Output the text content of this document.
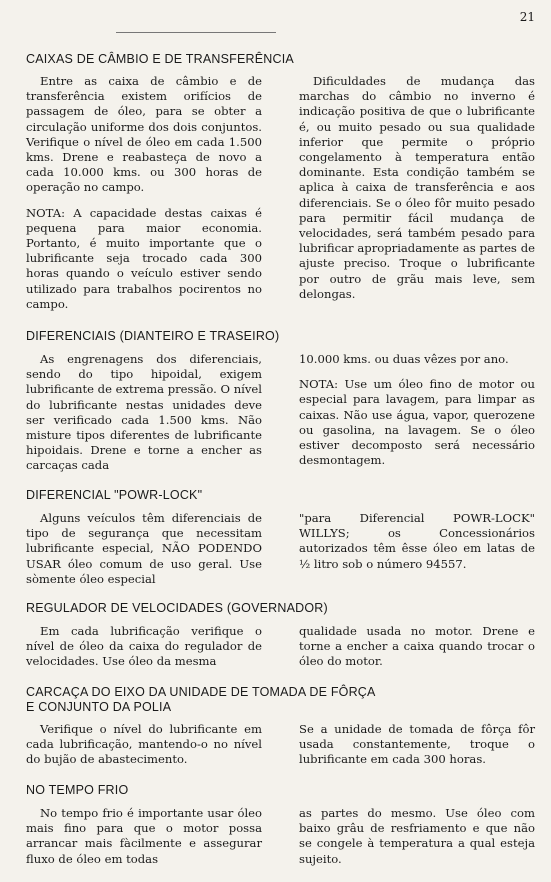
21
CAIXAS DE CÂMBIO E DE TRANSFERÊNCIA

Entre as caixa de câmbio e de transferência existem orifícios de passagem de óleo, para se obter a circulação uniforme dos dois conjuntos. Verifique o nível de óleo em cada 1.500 kms. Drene e reabasteça de novo a cada 10.000 kms. ou 300 horas de operação no campo.

NOTA: A capacidade destas caixas é pequena para maior economia. Portanto, é muito importante que o lubrificante seja trocado cada 300 horas quando o veículo estiver sendo utilizado para trabalhos pocirentos no campo.

Dificuldades de mudança das marchas do câmbio no inverno é indicação positiva de que o lubrificante é, ou muito pesado ou sua qualidade inferior que permite o próprio congelamento à temperatura então dominante. Esta condição também se aplica à caixa de transferência e aos diferenciais. Se o óleo fôr muito pesado para permitir fácil mudança de velocidades, será também pesado para lubrificar apropriadamente as partes de ajuste preciso. Troque o lubrificante por outro de grãu mais leve, sem delongas.

DIFERENCIAIS (DIANTEIRO E TRASEIRO)

As engrenagens dos diferenciais, sendo do tipo hipoidal, exigem lubrificante de extrema pressão. O nível do lubrificante nestas unidades deve ser verificado cada 1.500 kms. Não misture tipos diferentes de lubrificante hipoidais. Drene e torne a encher as carcaças cada

10.000 kms. ou duas vêzes por ano.

NOTA: Use um óleo fino de motor ou especial para lavagem, para limpar as caixas. Não use água, vapor, querozene ou gasolina, na lavagem. Se o óleo estiver decomposto será necessário desmontagem.

DIFERENCIAL "POWR-LOCK"

Alguns veículos têm diferenciais de tipo de segurança que necessitam lubrificante especial, NÃO PODENDO USAR óleo comum de uso geral. Use sòmente óleo especial

"para Diferencial POWR-LOCK" WILLYS; os Concessionários autorizados têm êsse óleo em latas de ½ litro sob o número 94557.

REGULADOR DE VELOCIDADES (GOVERNADOR)

Em cada lubrificação verifique o nível de óleo da caixa do regulador de velocidades. Use óleo da mesma

qualidade usada no motor. Drene e torne a encher a caixa quando trocar o óleo do motor.

CARCAÇA DO EIXO DA UNIDADE DE TOMADA DE FÔRÇA
E CONJUNTO DA POLIA

Verifique o nível do lubrificante em cada lubrificação, mantendo-o no nível do bujão de abastecimento.

Se a unidade de tomada de fôrça fôr usada constantemente, troque o lubrificante em cada 300 horas.

NO TEMPO FRIO

No tempo frio é importante usar óleo mais fino para que o motor possa arrancar mais fàcilmente e assegurar fluxo de óleo em todas

as partes do mesmo. Use óleo com baixo grâu de resfriamento e que não se congele à temperatura a qual esteja sujeito.
